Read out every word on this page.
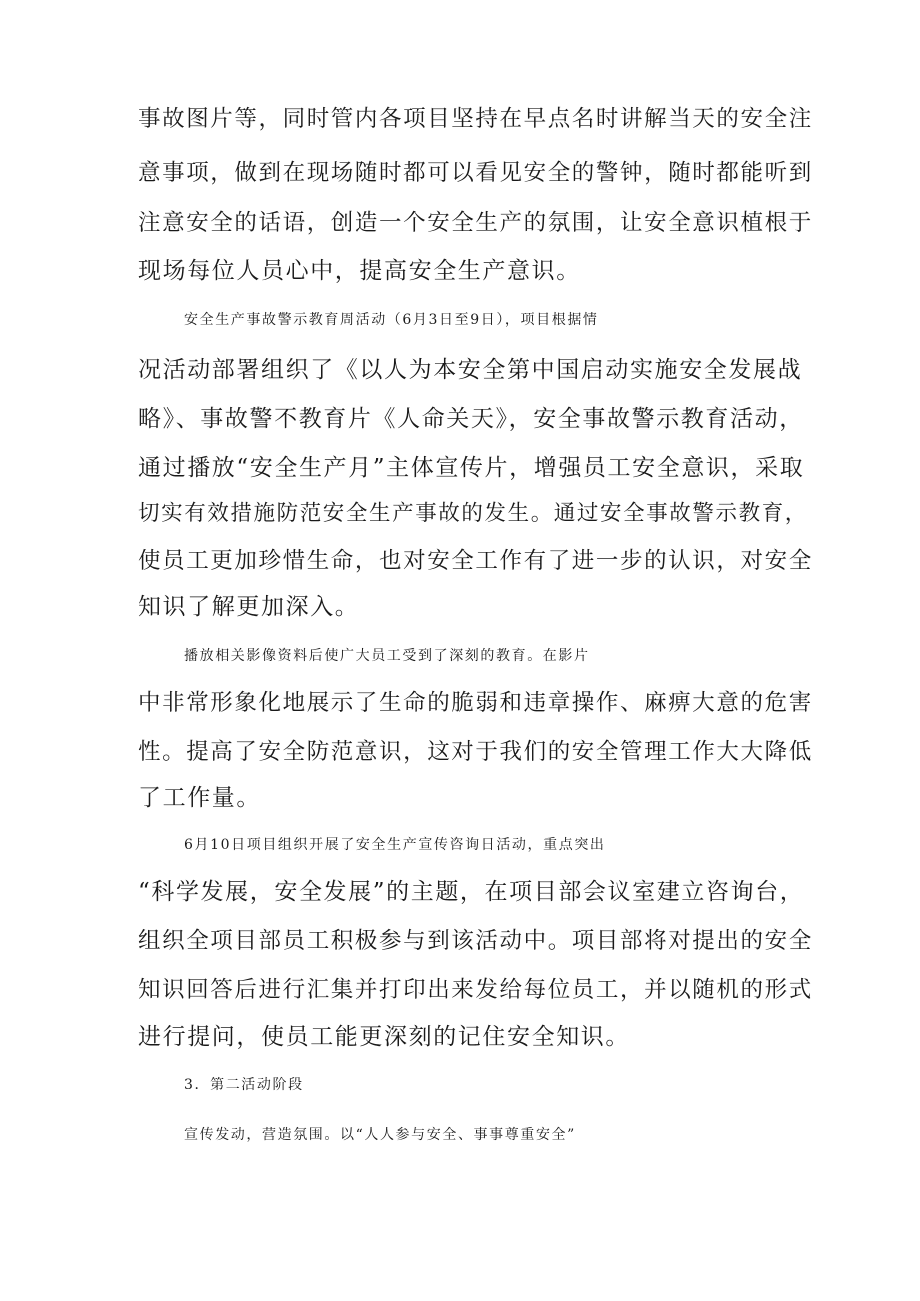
事故图片等，同时管内各项目坚持在早点名时讲解当天的安全注
意事项，做到在现场随时都可以看见安全的警钟，随时都能听到
注意安全的话语，创造一个安全生产的氛围，让安全意识植根于
现场每位人员心中，提高安全生产意识。
安全生产事故警示教育周活动（6月3日至9日），项目根据情
况活动部署组织了《以人为本安全第中国启动实施安全发展战
略》、事故警不教育片《人命关天》，安全事故警示教育活动，
通过播放“安全生产月”主体宣传片，增强员工安全意识，采取
切实有效措施防范安全生产事故的发生。通过安全事故警示教育，
使员工更加珍惜生命，也对安全工作有了进一步的认识，对安全
知识了解更加深入。
播放相关影像资料后使广大员工受到了深刻的教育。在影片
中非常形象化地展示了生命的脆弱和违章操作、麻痹大意的危害
性。提高了安全防范意识，这对于我们的安全管理工作大大降低
了工作量。
6月10日项目组织开展了安全生产宣传咨询日活动，重点突出
“科学发展，安全发展”的主题，在项目部会议室建立咨询台，
组织全项目部员工积极参与到该活动中。项目部将对提出的安全
知识回答后进行汇集并打印出来发给每位员工，并以随机的形式
进行提问，使员工能更深刻的记住安全知识。
3．第二活动阶段
宣传发动，营造氛围。以“人人参与安全、事事尊重安全”
